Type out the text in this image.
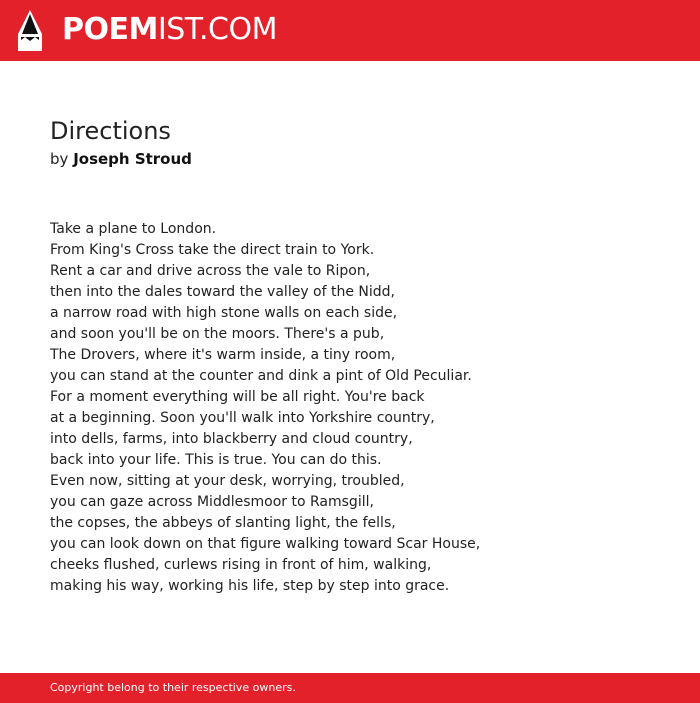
POEMIST.COM
Directions
by Joseph Stroud
Take a plane to London.
From King's Cross take the direct train to York.
Rent a car and drive across the vale to Ripon,
then into the dales toward the valley of the Nidd,
a narrow road with high stone walls on each side,
and soon you'll be on the moors. There's a pub,
The Drovers, where it's warm inside, a tiny room,
you can stand at the counter and dink a pint of Old Peculiar.
For a moment everything will be all right. You're back
at a beginning. Soon you'll walk into Yorkshire country,
into dells, farms, into blackberry and cloud country,
back into your life. This is true. You can do this.
Even now, sitting at your desk, worrying, troubled,
you can gaze across Middlesmoor to Ramsgill,
the copses, the abbeys of slanting light, the fells,
you can look down on that figure walking toward Scar House,
cheeks flushed, curlews rising in front of him, walking,
making his way, working his life, step by step into grace.
Copyright belong to their respective owners.
